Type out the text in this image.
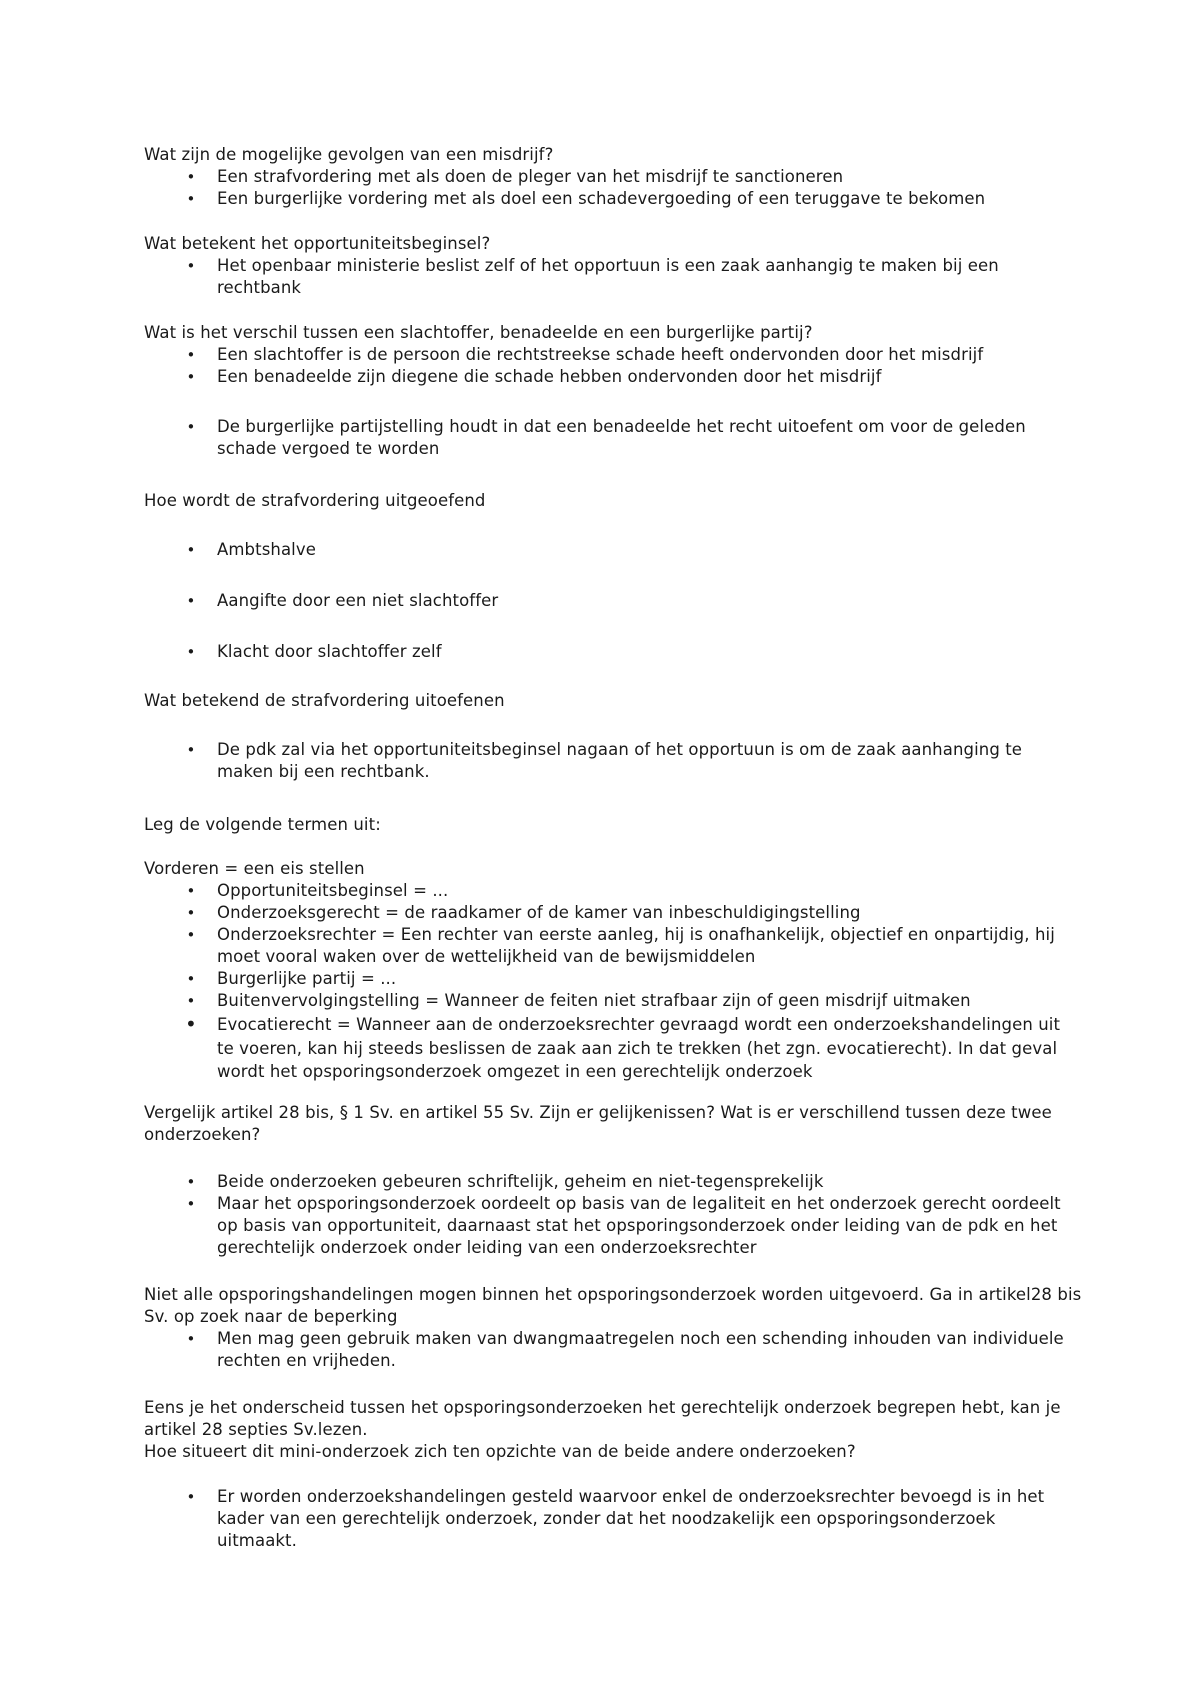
Wat zijn de mogelijke gevolgen van een misdrijf?

•
Een strafvordering met als doen de pleger van het misdrijf te sanctioneren

•
Een burgerlijke vordering met als doel een schadevergoeding of een teruggave te bekomen

Wat betekent het opportuniteitsbeginsel?

•
Het openbaar ministerie beslist zelf of het opportuun is een zaak aanhangig te maken bij een rechtbank

Wat is het verschil tussen een slachtoffer, benadeelde en een burgerlijke partij?

•
Een slachtoffer is de persoon die rechtstreekse schade heeft ondervonden door het misdrijf

•
Een benadeelde zijn diegene die schade hebben ondervonden door het misdrijf

•
De burgerlijke partijstelling houdt in dat een benadeelde het recht uitoefent om voor de geleden schade vergoed te worden

Hoe wordt de strafvordering uitgeoefend

•
Ambtshalve

•
Aangifte door een niet slachtoffer

•
Klacht door slachtoffer zelf

Wat betekend de strafvordering uitoefenen

•
De pdk zal via het opportuniteitsbeginsel nagaan of het opportuun is om de zaak aanhanging te maken bij een rechtbank.

Leg de volgende termen uit:

Vorderen = een eis stellen

•
Opportuniteitsbeginsel = ...

•
Onderzoeksgerecht = de raadkamer of de kamer van inbeschuldigingstelling

•
Onderzoeksrechter = Een rechter van eerste aanleg, hij is onafhankelijk, objectief en onpartijdig, hij moet vooral waken over de wettelijkheid van de bewijsmiddelen

•
Burgerlijke partij = ...

•
Buitenvervolgingstelling = Wanneer de feiten niet strafbaar zijn of geen misdrijf uitmaken

•
Evocatierecht = Wanneer aan de onderzoeksrechter gevraagd wordt een onderzoekshandelingen uit te voeren, kan hij steeds beslissen de zaak aan zich te trekken (het zgn. evocatierecht). In dat geval wordt het opsporingsonderzoek omgezet in een gerechtelijk onderzoek

Vergelijk artikel 28 bis, § 1 Sv. en artikel 55 Sv. Zijn er gelijkenissen? Wat is er verschillend tussen deze twee onderzoeken?

•
Beide onderzoeken gebeuren schriftelijk, geheim en niet-tegensprekelijk

•
Maar het opsporingsonderzoek oordeelt op basis van de legaliteit en het onderzoek gerecht oordeelt op basis van opportuniteit, daarnaast stat het opsporingsonderzoek onder leiding van de pdk en het gerechtelijk onderzoek onder leiding van een onderzoeksrechter

Niet alle opsporingshandelingen mogen binnen het opsporingsonderzoek worden uitgevoerd. Ga in artikel28 bis Sv. op zoek naar de beperking

•
Men mag geen gebruik maken van dwangmaatregelen noch een schending inhouden van individuele rechten en vrijheden.

Eens je het onderscheid tussen het opsporingsonderzoeken het gerechtelijk onderzoek begrepen hebt, kan je artikel 28 septies Sv.lezen.

Hoe situeert dit mini-onderzoek zich ten opzichte van de beide andere onderzoeken?

•
Er worden onderzoekshandelingen gesteld waarvoor enkel de onderzoeksrechter bevoegd is in het kader van een gerechtelijk onderzoek, zonder dat het noodzakelijk een opsporingsonderzoek uitmaakt.
